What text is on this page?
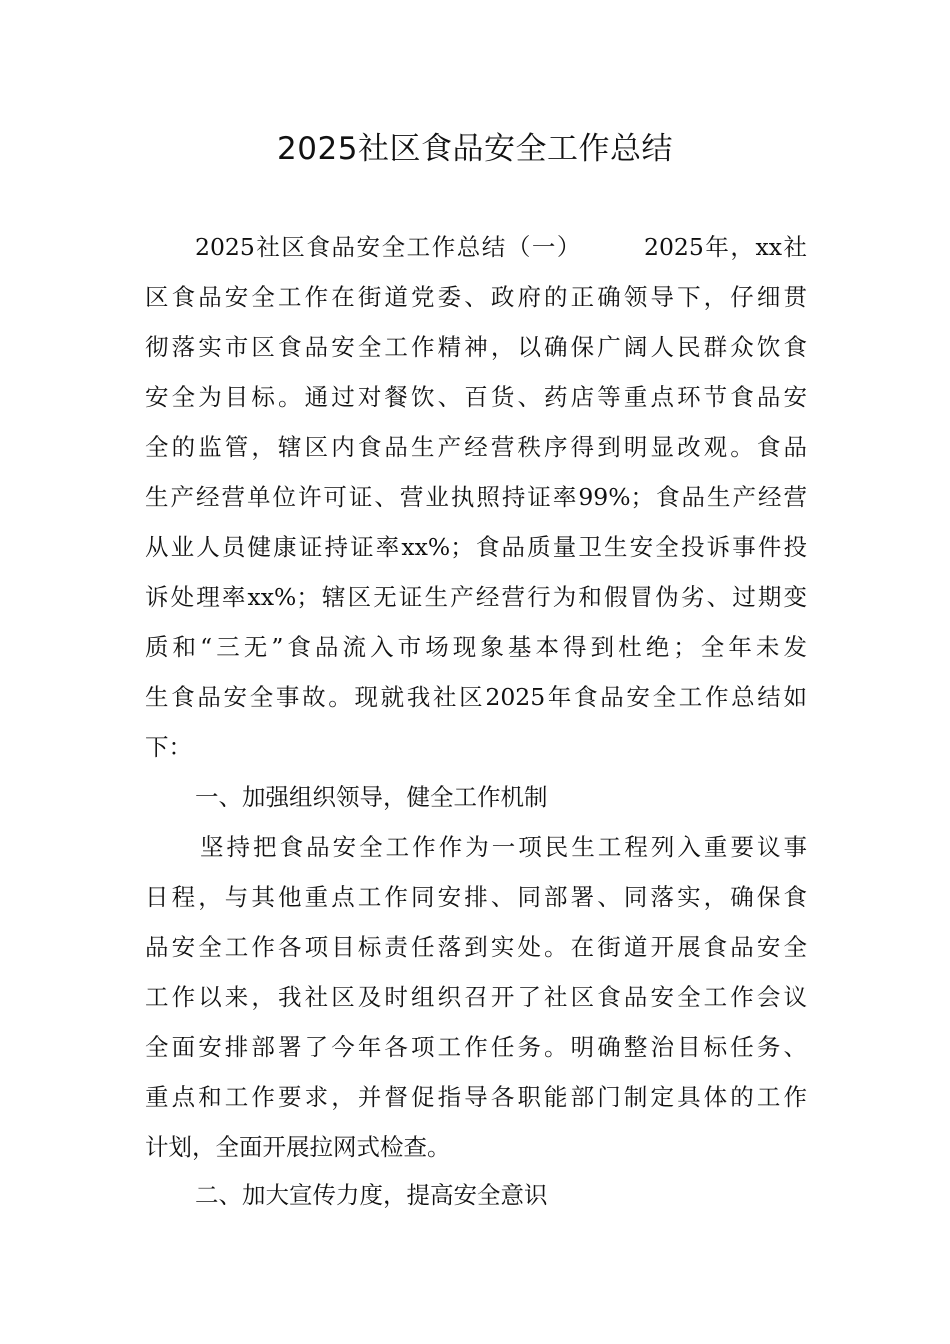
2025社区食品安全工作总结
2025社区食品安全工作总结（一）	2025年，xx社
区食品安全工作在街道党委、政府的正确领导下，仔细贯
彻落实市区食品安全工作精神，以确保广阔人民群众饮食
安全为目标。通过对餐饮、百货、药店等重点环节食品安
全的监管，辖区内食品生产经营秩序得到明显改观。食品
生产经营单位许可证、营业执照持证率99%；食品生产经营
从业人员健康证持证率xx%；食品质量卫生安全投诉事件投
诉处理率xx%；辖区无证生产经营行为和假冒伪劣、过期变
质和“三无”食品流入市场现象基本得到杜绝；全年未发
生食品安全事故。现就我社区2025年食品安全工作总结如
下：
一、加强组织领导，健全工作机制
坚持把食品安全工作作为一项民生工程列入重要议事
日程，与其他重点工作同安排、同部署、同落实，确保食
品安全工作各项目标责任落到实处。在街道开展食品安全
工作以来，我社区及时组织召开了社区食品安全工作会议
全面安排部署了今年各项工作任务。明确整治目标任务、
重点和工作要求，并督促指导各职能部门制定具体的工作
计划，全面开展拉网式检查。
二、加大宣传力度，提高安全意识
